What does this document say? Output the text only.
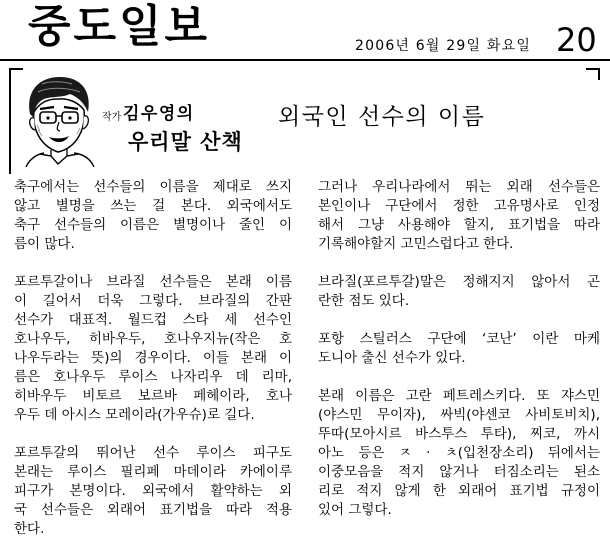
중도일보	2006년 6월 29일 화요일 20
작가 김우영의
우리말 산책
외국인 선수의 이름
축구에서는 선수들의 이름을 제대로 쓰지
않고 별명을 쓰는 걸 본다. 외국에서도
축구 선수들의 이름은 별명이나 줄인 이
름이 많다.
포르투갈이나 브라질 선수들은 본래 이름
이 길어서 더욱 그렇다. 브라질의 간판
선수가 대표적. 월드컵 스타 세 선수인
호나우두, 히바우두, 호나우지뉴(작은 호
나우두라는 뜻)의 경우이다. 이들 본래 이
름은 호나우두 루이스 나자리우 데 리마,
히바우두 비토르 보르바 페헤이라, 호나
우두 데 아시스 모레이라(가우슈)로 길다.
포르투갈의 뛰어난 선수 루이스 피구도
본래는 루이스 필리페 마데이라 카에이루
피구가 본명이다. 외국에서 활약하는 외
국 선수들은 외래어 표기법을 따라 적용
한다.
그러나 우리나라에서 뛰는 외래 선수들은
본인이나 구단에서 정한 고유명사로 인정
해서 그냥 사용해야 할지, 표기법을 따라
기록해야할지 고민스럽다고 한다.
브라질(포르투갈)말은 정해지지 않아서 곤
란한 점도 있다.
포항 스틸러스 구단에 ‘코난’ 이란 마케
도니아 출신 선수가 있다.
본래 이름은 고란 페트레스키다. 또 쟈스민
(야스민 무이자), 싸빅(야센코 사비토비치),
뚜따(모아시르 바스투스 투타), 찌코, 까시
아노 등은 ㅈ · ㅊ(입천장소리) 뒤에서는
이중모음을 적지 않거나 터짐소리는 된소
리로 적지 않게 한 외래어 표기법 규정이
있어 그렇다.
